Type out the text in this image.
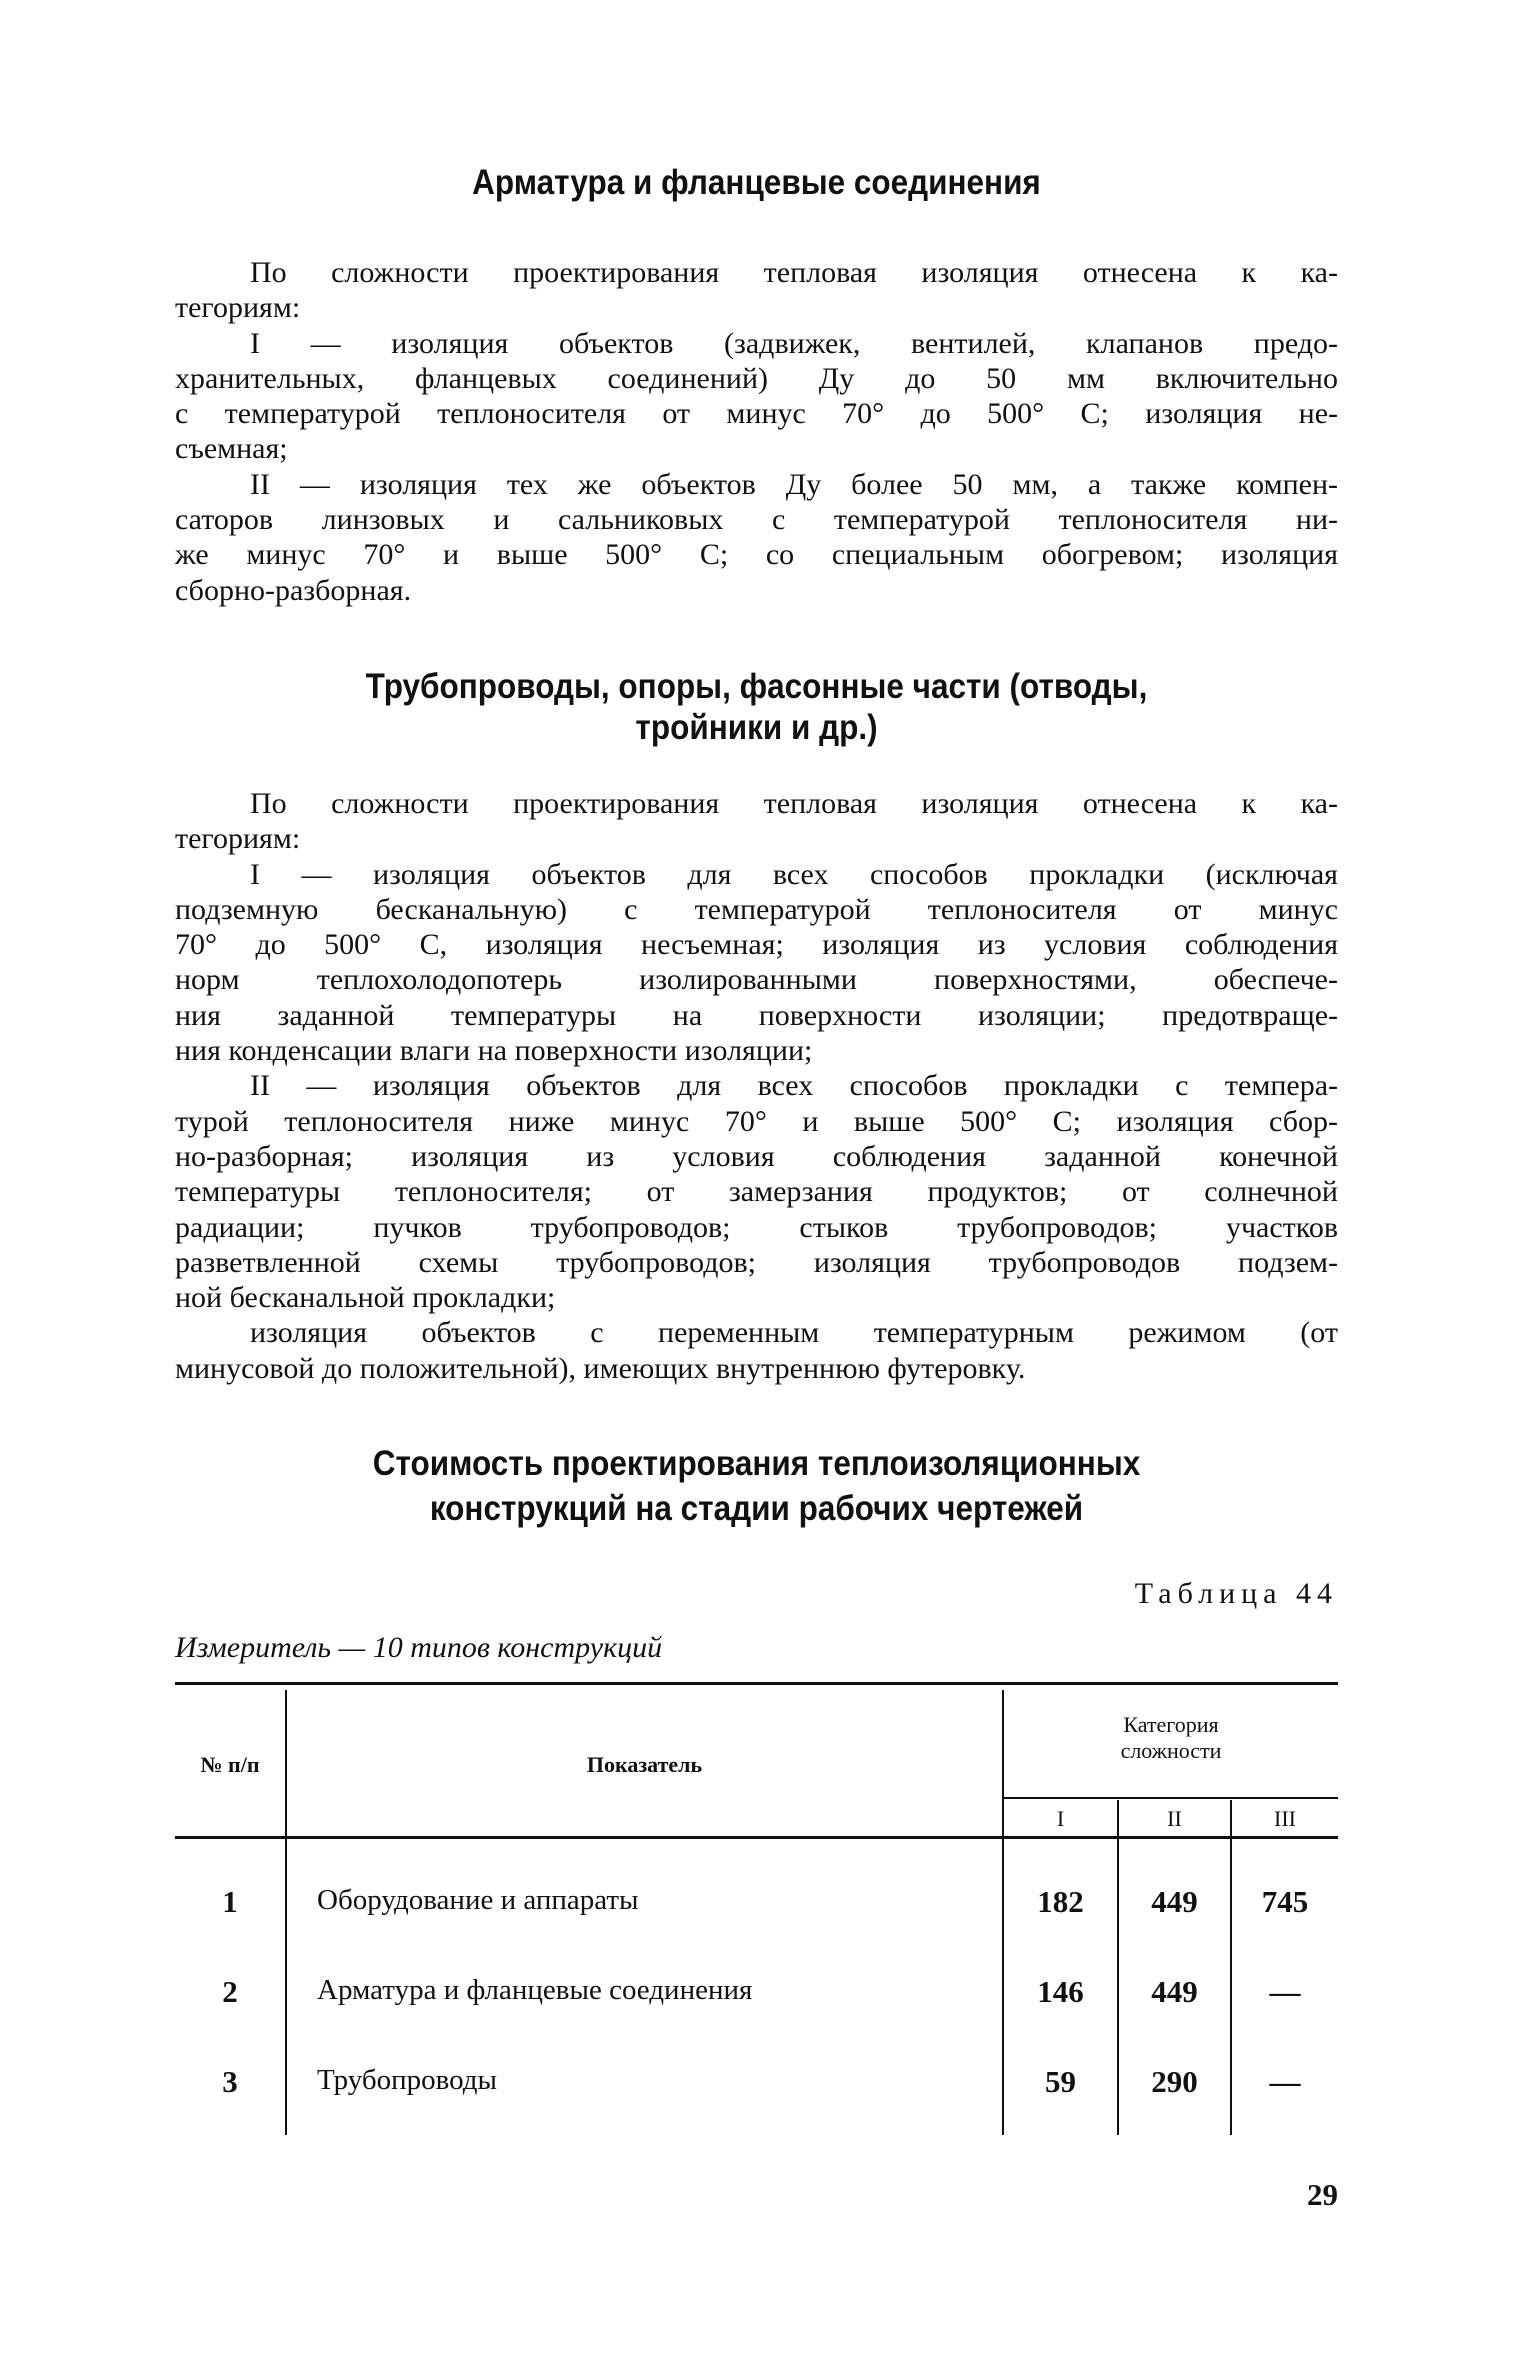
Арматура и фланцевые соединения
По сложности проектирования тепловая изоляция отнесена к ка-
тегориям:
I — изоляция объектов (задвижек, вентилей, клапанов предо-
хранительных, фланцевых соединений) Ду до 50 мм включительно
с температурой теплоносителя от минус 70° до 500° С; изоляция не-
съемная;
II — изоляция тех же объектов Ду более 50 мм, а также компен-
саторов линзовых и сальниковых с температурой теплоносителя ни-
же минус 70° и выше 500° С; со специальным обогревом; изоляция
сборно-разборная.
Трубопроводы, опоры, фасонные части (отводы,
тройники и др.)
По сложности проектирования тепловая изоляция отнесена к ка-
тегориям:
I — изоляция объектов для всех способов прокладки (исключая
подземную бесканальную) с температурой теплоносителя от минус
70° до 500° С, изоляция несъемная; изоляция из условия соблюдения
норм теплохолодопотерь изолированными поверхностями, обеспече-
ния заданной температуры на поверхности изоляции; предотвраще-
ния конденсации влаги на поверхности изоляции;
II — изоляция объектов для всех способов прокладки с темпера-
турой теплоносителя ниже минус 70° и выше 500° С; изоляция сбор-
но-разборная; изоляция из условия соблюдения заданной конечной
температуры теплоносителя; от замерзания продуктов; от солнечной
радиации; пучков трубопроводов; стыков трубопроводов; участков
разветвленной схемы трубопроводов; изоляция трубопроводов подзем-
ной бесканальной прокладки;
изоляция объектов с переменным температурным режимом (от
минусовой до положительной), имеющих внутреннюю футеровку.
Стоимость проектирования теплоизоляционных
конструкций на стадии рабочих чертежей
Таблица 44
Измеритель — 10 типов конструкций
№ п/п	Показатель
Категория
сложности
I	II	III
1	Оборудование и аппараты	182	449	745
2	Арматура и фланцевые соединения	146	449	—
3	Трубопроводы	59	290	—
29
